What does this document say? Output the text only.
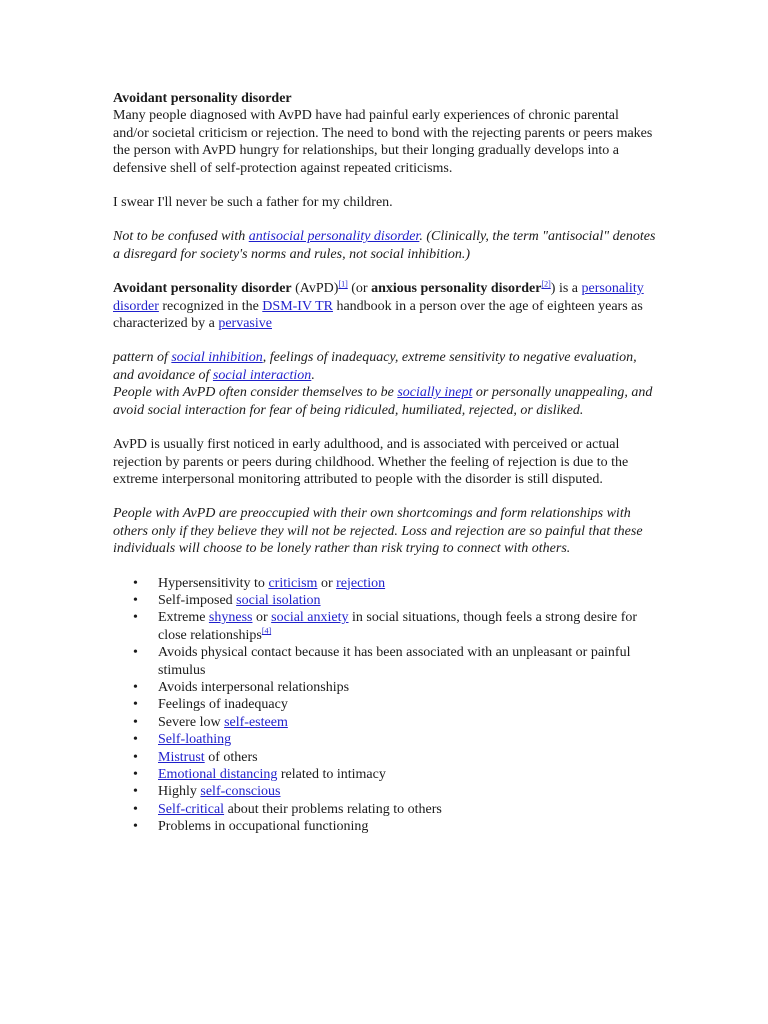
Avoidant personality disorder

Many people diagnosed with AvPD have had painful early experiences of chronic parental and/or societal criticism or rejection. The need to bond with the rejecting parents or peers makes the person with AvPD hungry for relationships, but their longing gradually develops into a defensive shell of self-protection against repeated criticisms.

I swear I'll never be such a father for my children.

Not to be confused with antisocial personality disorder. (Clinically, the term "antisocial" denotes a disregard for society's norms and rules, not social inhibition.)

Avoidant personality disorder (AvPD)[1] (or anxious personality disorder[2]) is a personality disorder recognized in the DSM-IV TR handbook in a person over the age of eighteen years as characterized by a pervasive

pattern of social inhibition, feelings of inadequacy, extreme sensitivity to negative evaluation, and avoidance of social interaction.
People with AvPD often consider themselves to be socially inept or personally unappealing, and avoid social interaction for fear of being ridiculed, humiliated, rejected, or disliked.

AvPD is usually first noticed in early adulthood, and is associated with perceived or actual rejection by parents or peers during childhood. Whether the feeling of rejection is due to the extreme interpersonal monitoring attributed to people with the disorder is still disputed.

People with AvPD are preoccupied with their own shortcomings and form relationships with others only if they believe they will not be rejected. Loss and rejection are so painful that these individuals will choose to be lonely rather than risk trying to connect with others.

• Hypersensitivity to criticism or rejection
• Self-imposed social isolation
• Extreme shyness or social anxiety in social situations, though feels a strong desire for close relationships[4]
• Avoids physical contact because it has been associated with an unpleasant or painful stimulus
• Avoids interpersonal relationships
• Feelings of inadequacy
• Severe low self-esteem
• Self-loathing
• Mistrust of others
• Emotional distancing related to intimacy
• Highly self-conscious
• Self-critical about their problems relating to others
• Problems in occupational functioning
